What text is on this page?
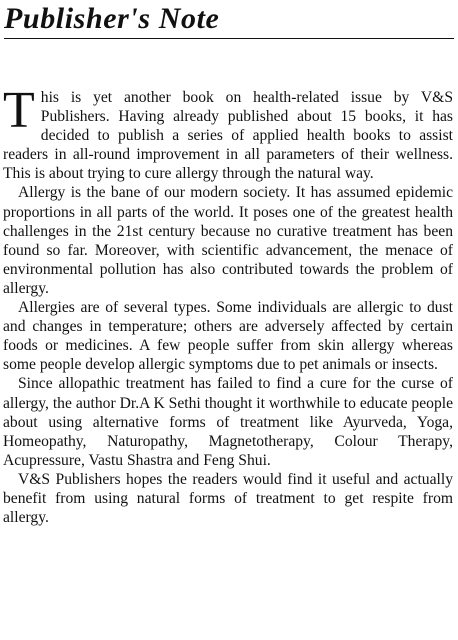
Publisher's Note

This is yet another book on health-related issue by V&S Publishers. Having already published about 15 books, it has decided to publish a series of applied health books to assist readers in all-round improvement in all parameters of their wellness. This is about trying to cure allergy through the natural way.

Allergy is the bane of our modern society. It has assumed epidemic proportions in all parts of the world. It poses one of the greatest health challenges in the 21st century because no curative treatment has been found so far. Moreover, with scientific advancement, the menace of environmental pollution has also contributed towards the problem of allergy.

Allergies are of several types. Some individuals are allergic to dust and changes in temperature; others are adversely affected by certain foods or medicines. A few people suffer from skin allergy whereas some people develop allergic symptoms due to pet animals or insects.

Since allopathic treatment has failed to find a cure for the curse of allergy, the author Dr.A K Sethi thought it worthwhile to educate people about using alternative forms of treatment like Ayurveda, Yoga, Homeopathy, Naturopathy, Magnetotherapy, Colour Therapy, Acupressure, Vastu Shastra and Feng Shui.

V&S Publishers hopes the readers would find it useful and actually benefit from using natural forms of treatment to get respite from allergy.
